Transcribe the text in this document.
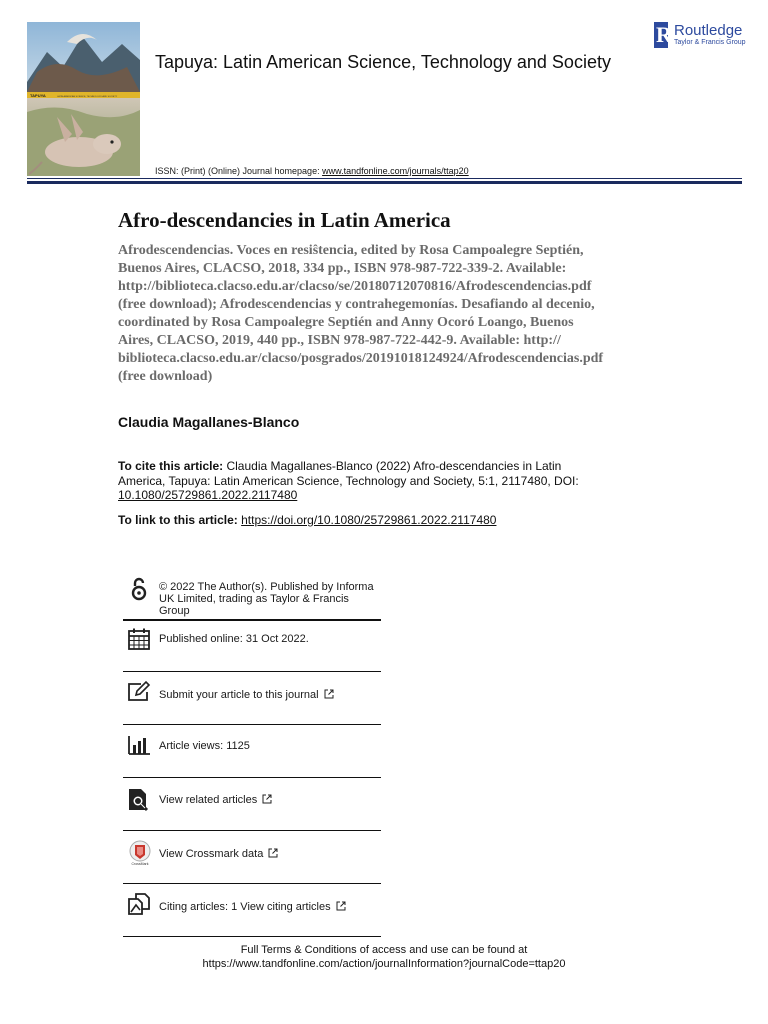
TAPUYA	LATIN AMERICAN SCIENCE, TECHNOLOGY AND SOCIETY
Tapuya: Latin American Science, Technology and Society
R Routledge
Taylor & Francis Group
ISSN: (Print) (Online) Journal homepage: www.tandfonline.com/journals/ttap20
Afro-descendancies in Latin America
Afrodescendencias. Voces en resiŝtencia, edited by Rosa Campoalegre Septién,
Buenos Aires, CLACSO, 2018, 334 pp., ISBN 978-987-722-339-2. Available:
http://biblioteca.clacso.edu.ar/clacso/se/20180712070816/Afrodescendencias.pdf
(free download); Afrodescendencias y contrahegemonías. Desafiando al decenio,
coordinated by Rosa Campoalegre Septién and Anny Ocoró Loango, Buenos
Aires, CLACSO, 2019, 440 pp., ISBN 978-987-722-442-9. Available: http://
biblioteca.clacso.edu.ar/clacso/posgrados/20191018124924/Afrodescendencias.pdf
(free download)
Claudia Magallanes-Blanco
To cite this article: Claudia Magallanes-Blanco (2022) Afro-descendancies in Latin
America, Tapuya: Latin American Science, Technology and Society, 5:1, 2117480, DOI:
10.1080/25729861.2022.2117480
To link to this article: https://doi.org/10.1080/25729861.2022.2117480
© 2022 The Author(s). Published by Informa
UK Limited, trading as Taylor & Francis
Group
Published online: 31 Oct 2022.
Submit your article to this journal
Article views: 1125
View related articles
CrossMark
View Crossmark data
Citing articles: 1 View citing articles
Full Terms & Conditions of access and use can be found at
https://www.tandfonline.com/action/journalInformation?journalCode=ttap20
